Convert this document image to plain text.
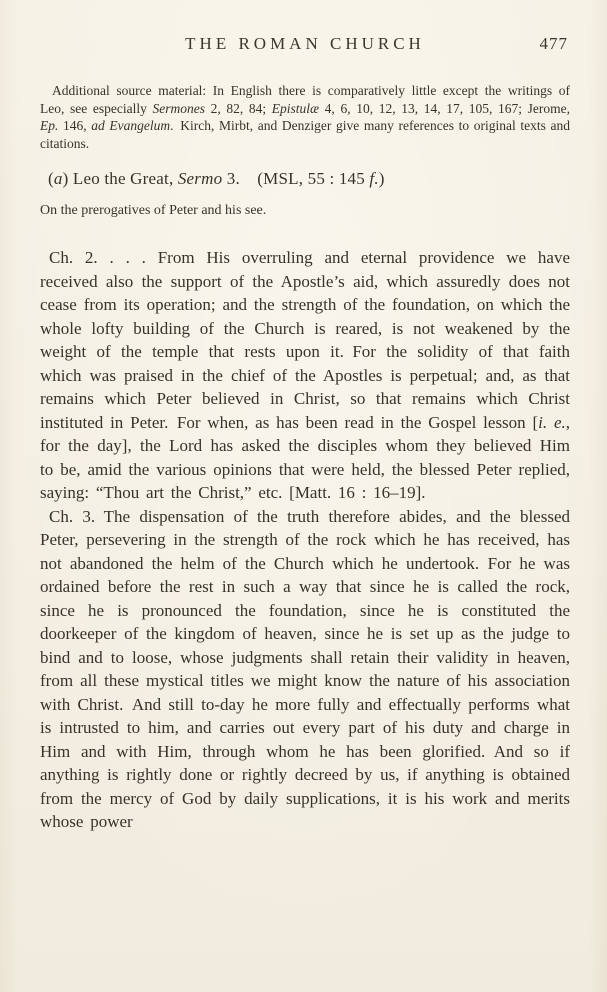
THE ROMAN CHURCH	477

Additional source material: In English there is comparatively little except the writings of Leo, see especially Sermones 2, 82, 84; Epistulæ 4, 6, 10, 12, 13, 14, 17, 105, 167; Jerome, Ep. 146, ad Evangelum. Kirch, Mirbt, and Denziger give many references to original texts and citations.

(a) Leo the Great, Sermo 3.  (MSL, 55 : 145 f.)

On the prerogatives of Peter and his see.

Ch. 2. . . . From His overruling and eternal providence we have received also the support of the Apostle’s aid, which assuredly does not cease from its operation; and the strength of the foundation, on which the whole lofty building of the Church is reared, is not weakened by the weight of the temple that rests upon it. For the solidity of that faith which was praised in the chief of the Apostles is perpetual; and, as that remains which Peter believed in Christ, so that remains which Christ instituted in Peter. For when, as has been read in the Gospel lesson [i. e., for the day], the Lord has asked the disciples whom they believed Him to be, amid the various opinions that were held, the blessed Peter replied, saying: “Thou art the Christ,” etc. [Matt. 16 : 16–19].

Ch. 3. The dispensation of the truth therefore abides, and the blessed Peter, persevering in the strength of the rock which he has received, has not abandoned the helm of the Church which he undertook. For he was ordained before the rest in such a way that since he is called the rock, since he is pronounced the foundation, since he is constituted the doorkeeper of the kingdom of heaven, since he is set up as the judge to bind and to loose, whose judgments shall retain their validity in heaven, from all these mystical titles we might know the nature of his association with Christ. And still to-day he more fully and effectually performs what is intrusted to him, and carries out every part of his duty and charge in Him and with Him, through whom he has been glorified. And so if anything is rightly done or rightly decreed by us, if anything is obtained from the mercy of God by daily supplications, it is his work and merits whose power
